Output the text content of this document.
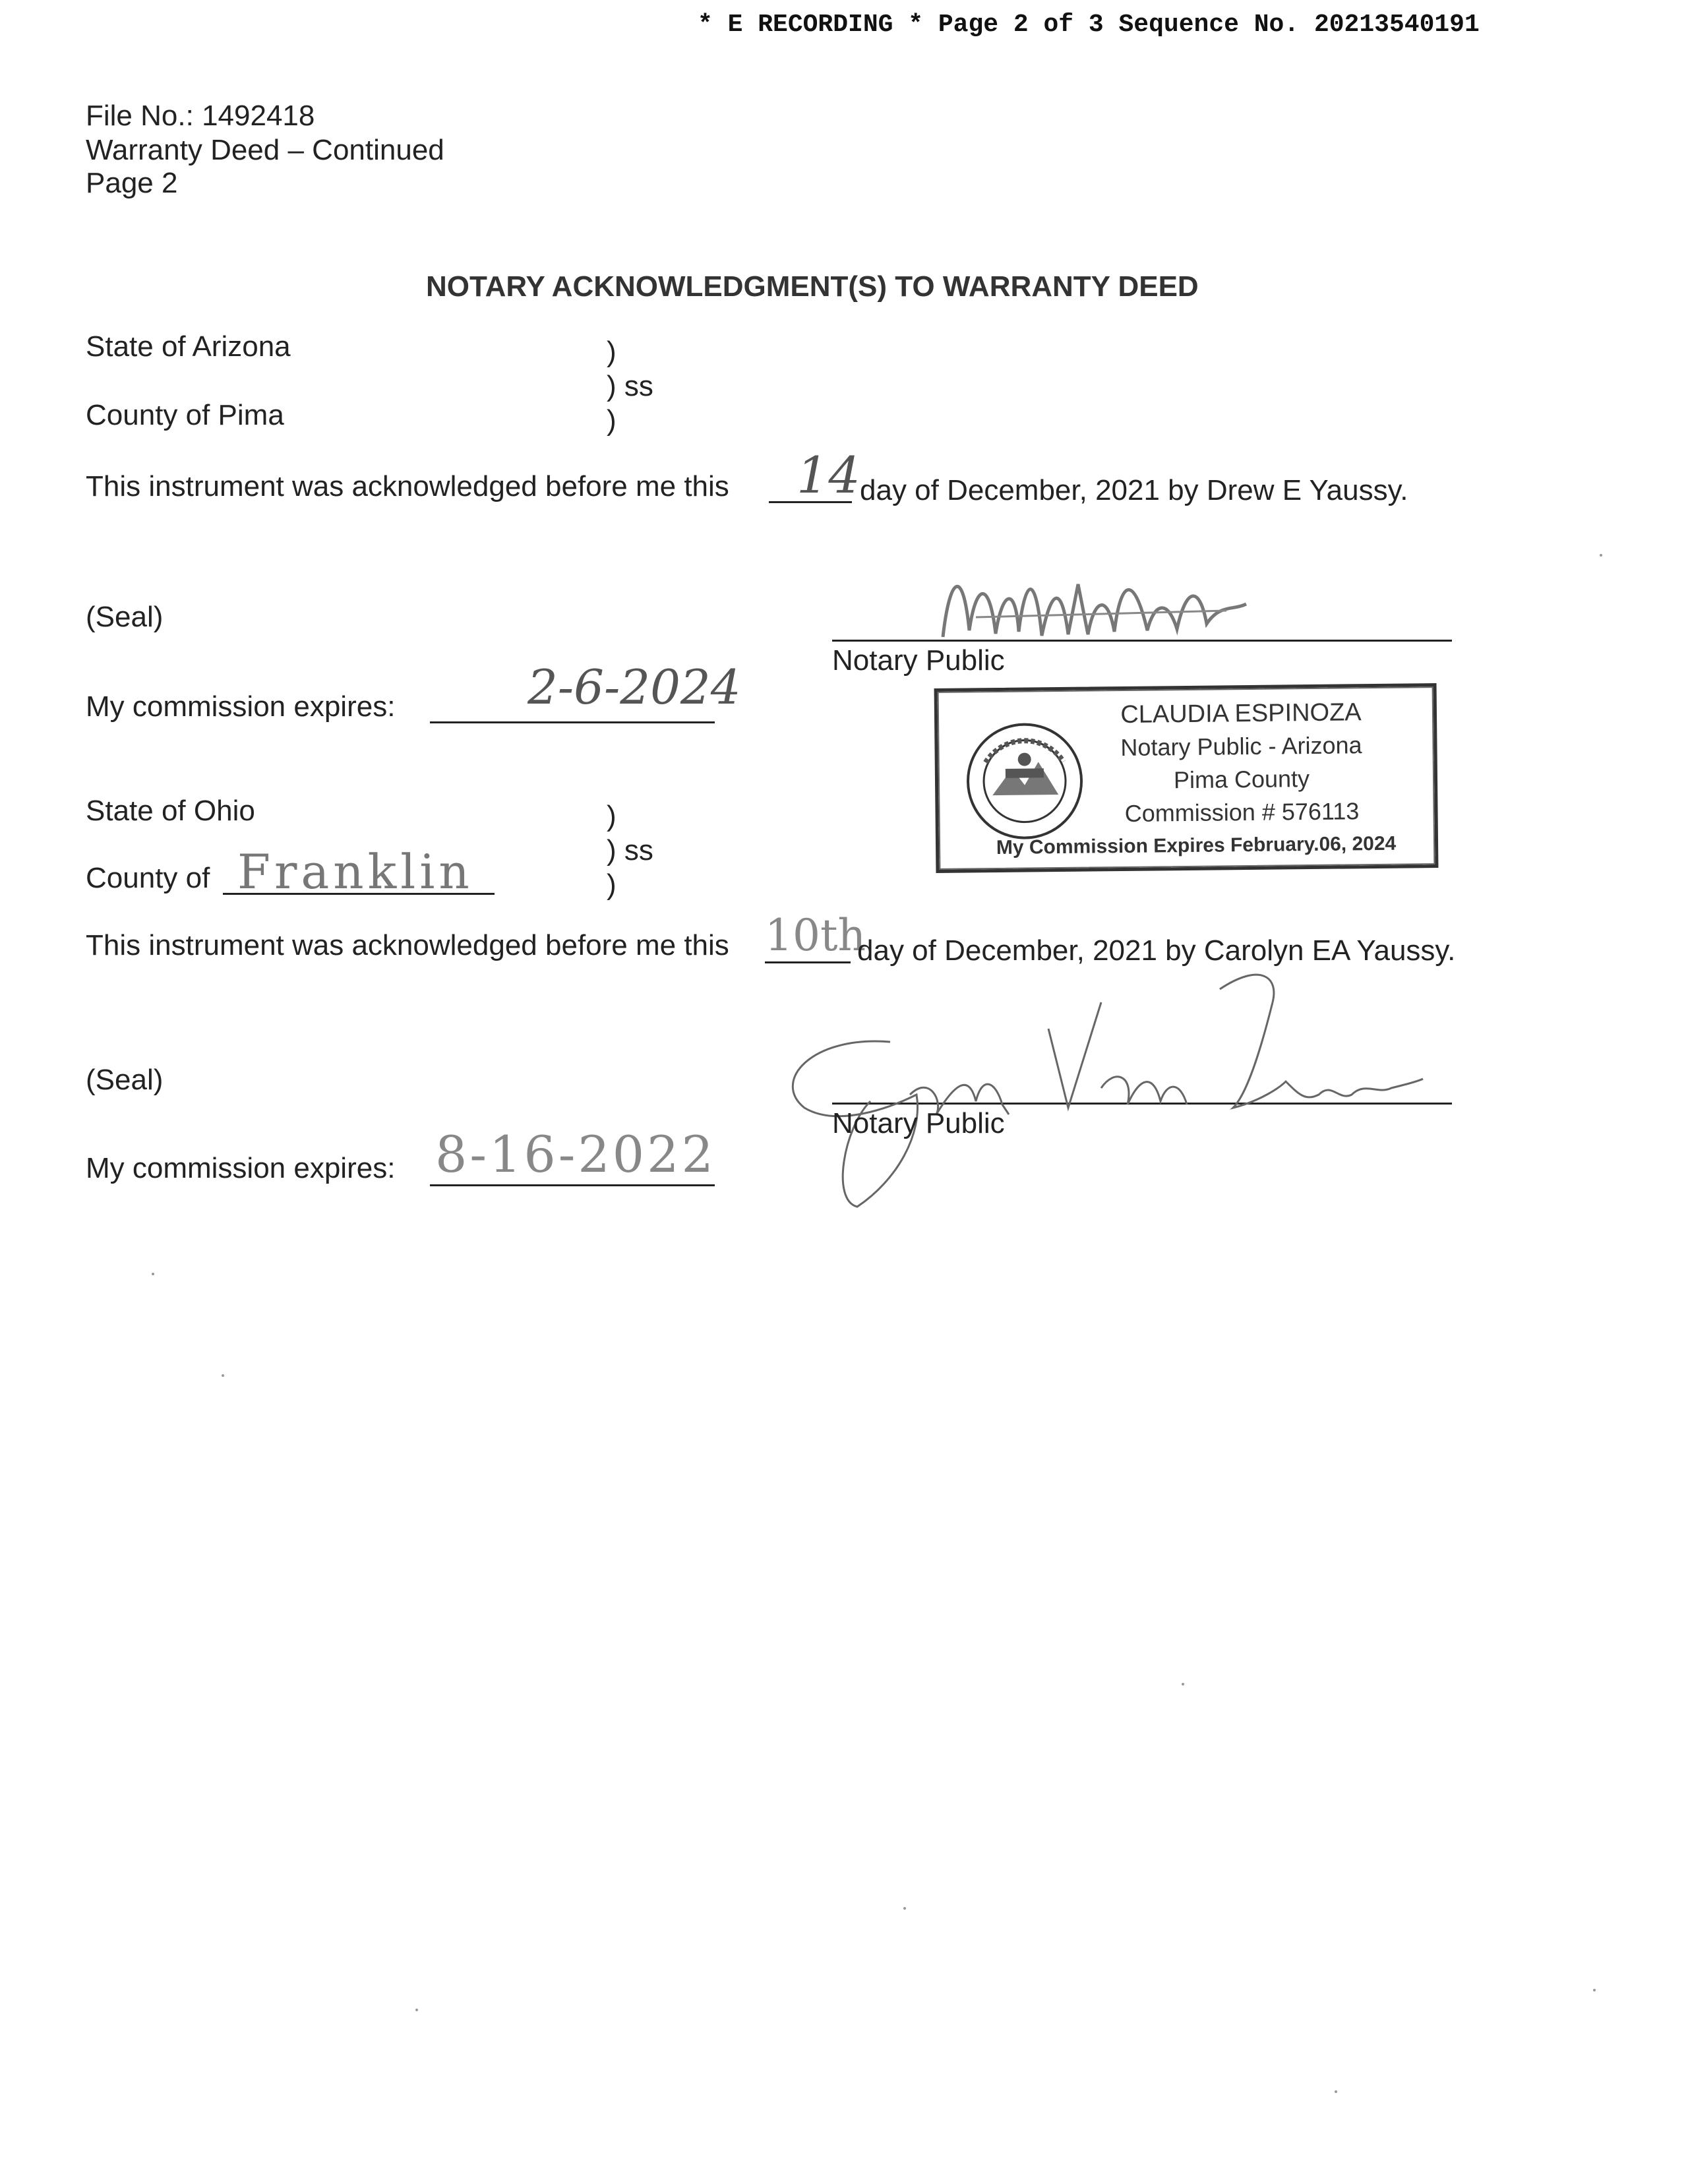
* E RECORDING * Page 2 of 3 Sequence No. 20213540191
File No.: 1492418
Warranty Deed – Continued
Page 2
NOTARY ACKNOWLEDGMENT(S) TO WARRANTY DEED
State of Arizona
County of Pima
)
) ss
)
This instrument was acknowledged before me this 14 day of December, 2021 by Drew E Yaussy.
(Seal)
Notary Public
My commission expires:	2-6-2024	CLAUDIA ESPINOZA
Notary Public - Arizona
Pima County
Commission # 576113
My Commission Expires February.06, 2024
State of Ohio
County of Franklin
)
) ss
)
This instrument was acknowledged before me this 10th
day of December, 2021 by Carolyn EA Yaussy.
(Seal)
Notary Public
My commission expires: 8-16-2022
